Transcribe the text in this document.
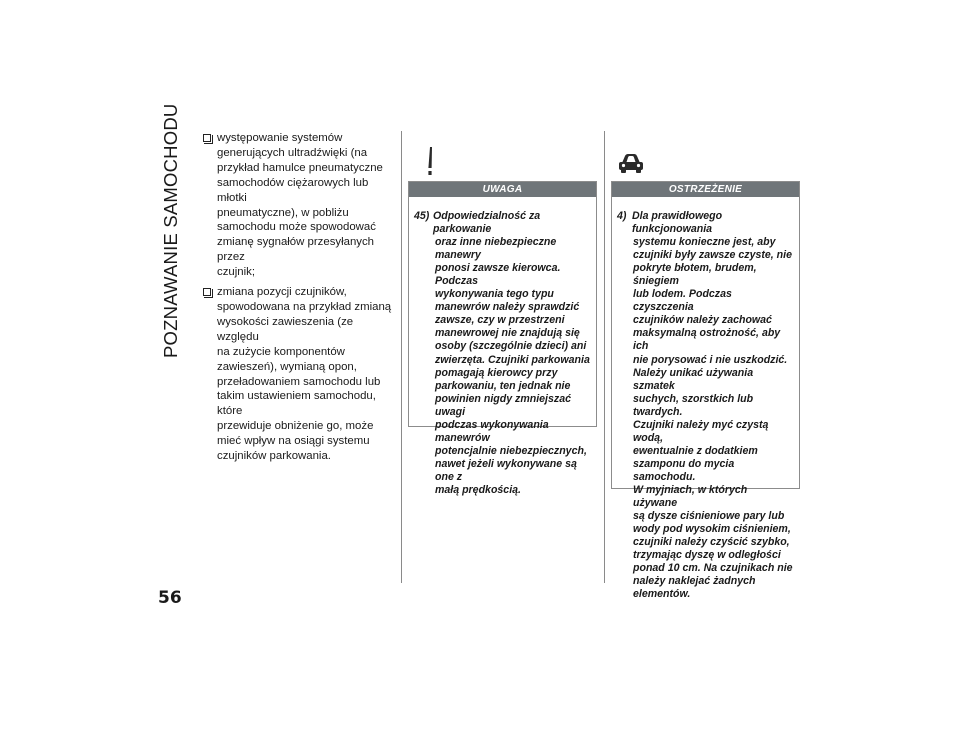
POZNAWANIE SAMOCHODU
56
występowanie systemów
generujących ultradźwięki (na
przykład hamulce pneumatyczne
samochodów ciężarowych lub młotki
pneumatyczne), w pobliżu
samochodu może spowodować
zmianę sygnałów przesyłanych przez
czujnik;
zmiana pozycji czujników,
spowodowana na przykład zmianą
wysokości zawieszenia (ze względu
na zużycie komponentów
zawieszeń), wymianą opon,
przeładowaniem samochodu lub
takim ustawieniem samochodu, które
przewiduje obniżenie go, może
mieć wpływ na osiągi systemu
czujników parkowania.
UWAGA
45) Odpowiedzialność za parkowanie
oraz inne niebezpieczne manewry
ponosi zawsze kierowca. Podczas
wykonywania tego typu
manewrów należy sprawdzić
zawsze, czy w przestrzeni
manewrowej nie znajdują się
osoby (szczególnie dzieci) ani
zwierzęta. Czujniki parkowania
pomagają kierowcy przy
parkowaniu, ten jednak nie
powinien nigdy zmniejszać uwagi
podczas wykonywania manewrów
potencjalnie niebezpiecznych,
nawet jeżeli wykonywane są one z
małą prędkością.
OSTRZEŻENIE
4) Dla prawidłowego funkcjonowania
systemu konieczne jest, aby
czujniki były zawsze czyste, nie
pokryte błotem, brudem, śniegiem
lub lodem. Podczas czyszczenia
czujników należy zachować
maksymalną ostrożność, aby ich
nie porysować i nie uszkodzić.
Należy unikać używania szmatek
suchych, szorstkich lub twardych.
Czujniki należy myć czystą wodą,
ewentualnie z dodatkiem
szamponu do mycia samochodu.
W myjniach, w których używane
są dysze ciśnieniowe pary lub
wody pod wysokim ciśnieniem,
czujniki należy czyścić szybko,
trzymając dyszę w odległości
ponad 10 cm. Na czujnikach nie
należy naklejać żadnych
elementów.
